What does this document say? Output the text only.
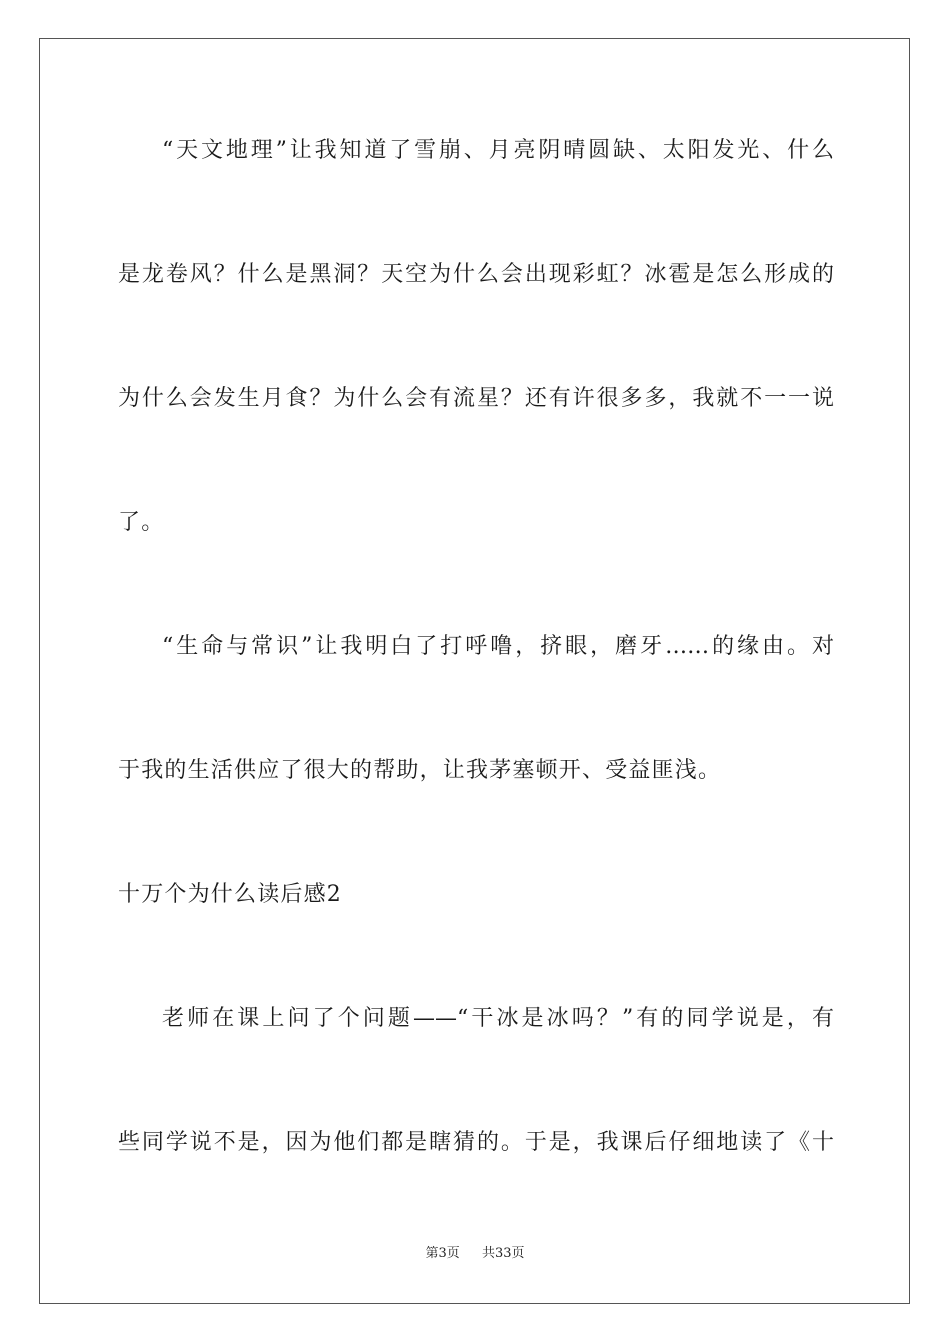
“天文地理”让我知道了雪崩、月亮阴晴圆缺、太阳发光、什么
是龙卷风？什么是黑洞？天空为什么会出现彩虹？冰雹是怎么形成的
为什么会发生月食？为什么会有流星？还有许很多多，我就不一一说
了。
“生命与常识”让我明白了打呼噜，挤眼，磨牙……的缘由。对
于我的生活供应了很大的帮助，让我茅塞顿开、受益匪浅。
十万个为什么读后感2
老师在课上问了个问题——“干冰是冰吗？”有的同学说是，有
些同学说不是，因为他们都是瞎猜的。于是，我课后仔细地读了《十
第3页 共33页
